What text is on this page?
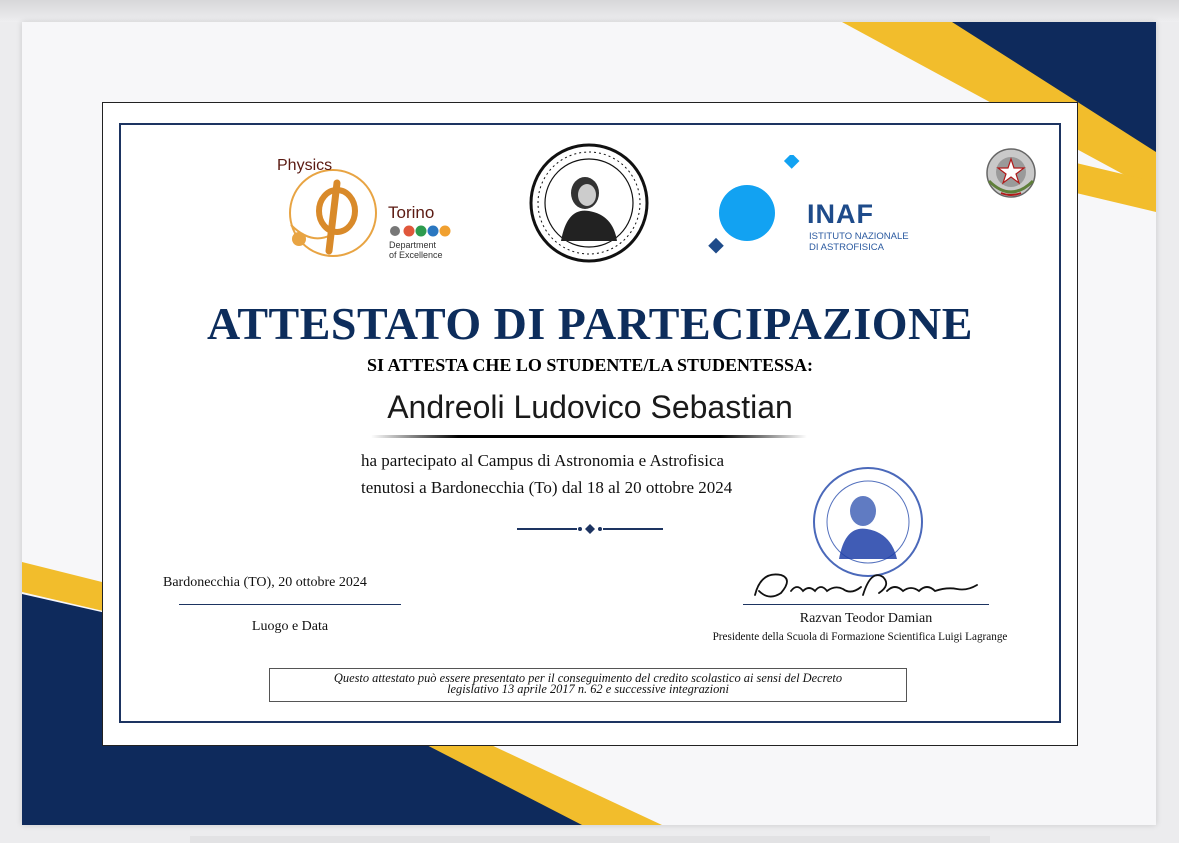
Physics
Torino
Department
of Excellence
INAF
ISTITUTO NAZIONALE
DI ASTROFISICA
ATTESTATO DI PARTECIPAZIONE
SI ATTESTA CHE LO STUDENTE/LA STUDENTESSA:
Andreoli Ludovico Sebastian
ha partecipato al Campus di Astronomia e Astrofisica
tenutosi a Bardonecchia (To) dal 18 al 20 ottobre 2024
Bardonecchia (TO), 20 ottobre 2024
Luogo e Data
Razvan Teodor Damian
Presidente della Scuola di Formazione Scientifica Luigi Lagrange
Questo attestato può essere presentato per il conseguimento del credito scolastico ai sensi del Decreto
legislativo 13 aprile 2017 n. 62 e successive integrazioni
